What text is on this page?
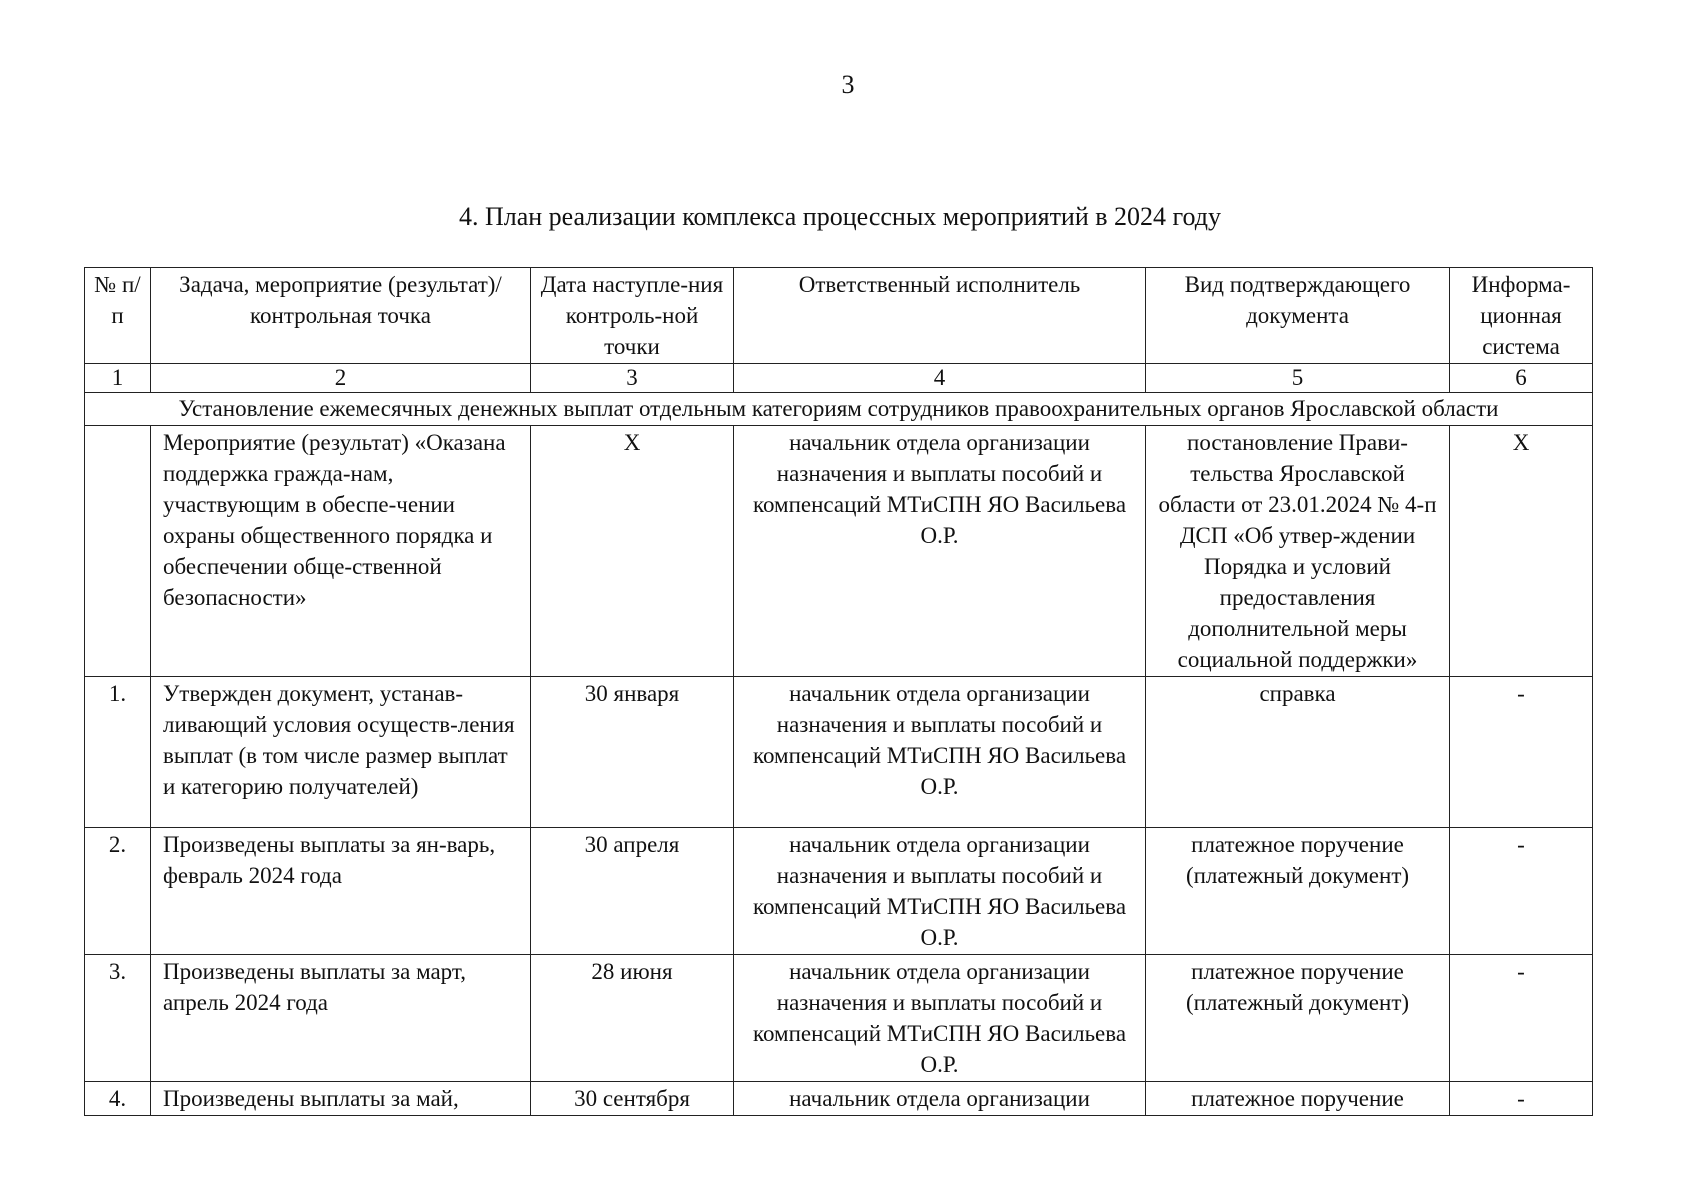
3
4. План реализации комплекса процессных мероприятий в 2024 году
№ п/п	Задача, мероприятие (результат)/ контрольная точка	Дата наступле-ния контроль-ной точки	Ответственный исполнитель	Вид подтверждающего документа	Информа-ционная система
1	2	3	4	5	6
Установление ежемесячных денежных выплат отдельным категориям сотрудников правоохранительных органов Ярославской области					
	Мероприятие (результат) «Оказана поддержка гражда-нам, участвующим в обеспе-чении охраны общественного порядка и обеспечении обще-ственной безопасности»	Х	начальник отдела организации назначения и выплаты пособий и компенсаций МТиСПН ЯО Васильева О.Р.	постановление Прави-тельства Ярославской области от 23.01.2024 № 4-п ДСП «Об утвер-ждении Порядка и условий предоставления дополнительной меры социальной поддержки»	Х
1.	Утвержден документ, устанав-ливающий условия осуществ-ления выплат (в том числе размер выплат и категорию получателей)	30 января	начальник отдела организации назначения и выплаты пособий и компенсаций МТиСПН ЯО Васильева О.Р.	справка	-
2.	Произведены выплаты за ян-варь, февраль 2024 года	30 апреля	начальник отдела организации назначения и выплаты пособий и компенсаций МТиСПН ЯО Васильева О.Р.	платежное поручение (платежный документ)	-
3.	Произведены выплаты за март, апрель 2024 года	28 июня	начальник отдела организации назначения и выплаты пособий и компенсаций МТиСПН ЯО Васильева О.Р.	платежное поручение (платежный документ)	-
4.	Произведены выплаты за май,	30 сентября	начальник отдела организации	платежное поручение	-
